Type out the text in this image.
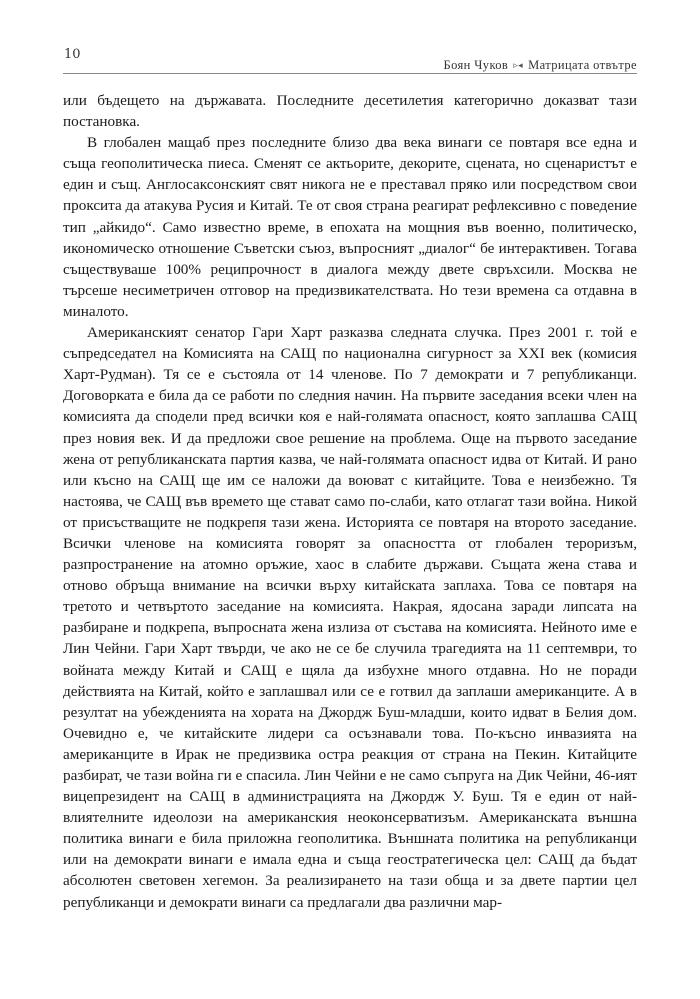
10
Боян Чуков ▹◂ Матрицата отвътре

или бъдещето на държавата. Последните десетилетия категорично доказват тази постановка.

В глобален мащаб през последните близо два века винаги се повтаря все една и съща геополитическа пиеса. Сменят се актьорите, декорите, сцената, но сценаристът е един и същ. Англосаксонският свят никога не е преставал пряко или посредством свои проксита да атакува Русия и Китай. Те от своя страна реагират рефлексивно с поведение тип „айкидо“. Само известно време, в епохата на мощния във военно, политическо, икономическо отношение Съветски съюз, въпросният „диалог“ бе интерактивен. Тогава съществуваше 100% реципрочност в диалога между двете свръхсили. Москва не търсеше несиметричен отговор на предизвикателствата. Но тези времена са отдавна в миналото.

Американският сенатор Гари Харт разказва следната случка. През 2001 г. той е съпредседател на Комисията на САЩ по национална сигурност за XXI век (комисия Харт-Рудман). Тя се е състояла от 14 членове. По 7 демократи и 7 републиканци. Договорката е била да се работи по следния начин. На първите заседания всеки член на комисията да сподели пред всички коя е най-голямата опасност, която заплашва САЩ през новия век. И да предложи свое решение на проблема. Още на първото заседание жена от републиканската партия казва, че най-голямата опасност идва от Китай. И рано или късно на САЩ ще им се наложи да воюват с китайците. Това е неизбежно. Тя настоява, че САЩ във времето ще стават само по-слаби, като отлагат тази война. Никой от присъстващите не подкрепя тази жена. Историята се повтаря на второто заседание. Всички членове на комисията говорят за опасността от глобален тероризъм, разпространение на атомно оръжие, хаос в слабите държави. Същата жена става и отново обръща внимание на всички върху китайската заплаха. Това се повтаря на третото и четвъртото заседание на комисията. Накрая, ядосана заради липсата на разбиране и подкрепа, въпросната жена излиза от състава на комисията. Нейното име е Лин Чейни. Гари Харт твърди, че ако не се бе случила трагедията на 11 септември, то войната между Китай и САЩ е щяла да избухне много отдавна. Но не поради действията на Китай, който е заплашвал или се е готвил да заплаши американците. А в резултат на убежденията на хората на Джордж Буш-младши, които идват в Белия дом. Очевидно е, че китайските лидери са осъзнавали това. По-късно инвазията на американците в Ирак не предизвика остра реакция от страна на Пекин. Китайците разбират, че тази война ги е спасила. Лин Чейни е не само съпруга на Дик Чейни, 46-ият вицепрезидент на САЩ в администрацията на Джордж У. Буш. Тя е един от най-влиятелните идеолози на американския неоконсерватизъм. Американската външна политика винаги е била приложна геополитика. Външната политика на републиканци или на демократи винаги е имала една и съща геостратегическа цел: САЩ да бъдат абсолютен световен хегемон. За реализирането на тази обща и за двете партии цел републиканци и демократи винаги са предлагали два различни мар-
